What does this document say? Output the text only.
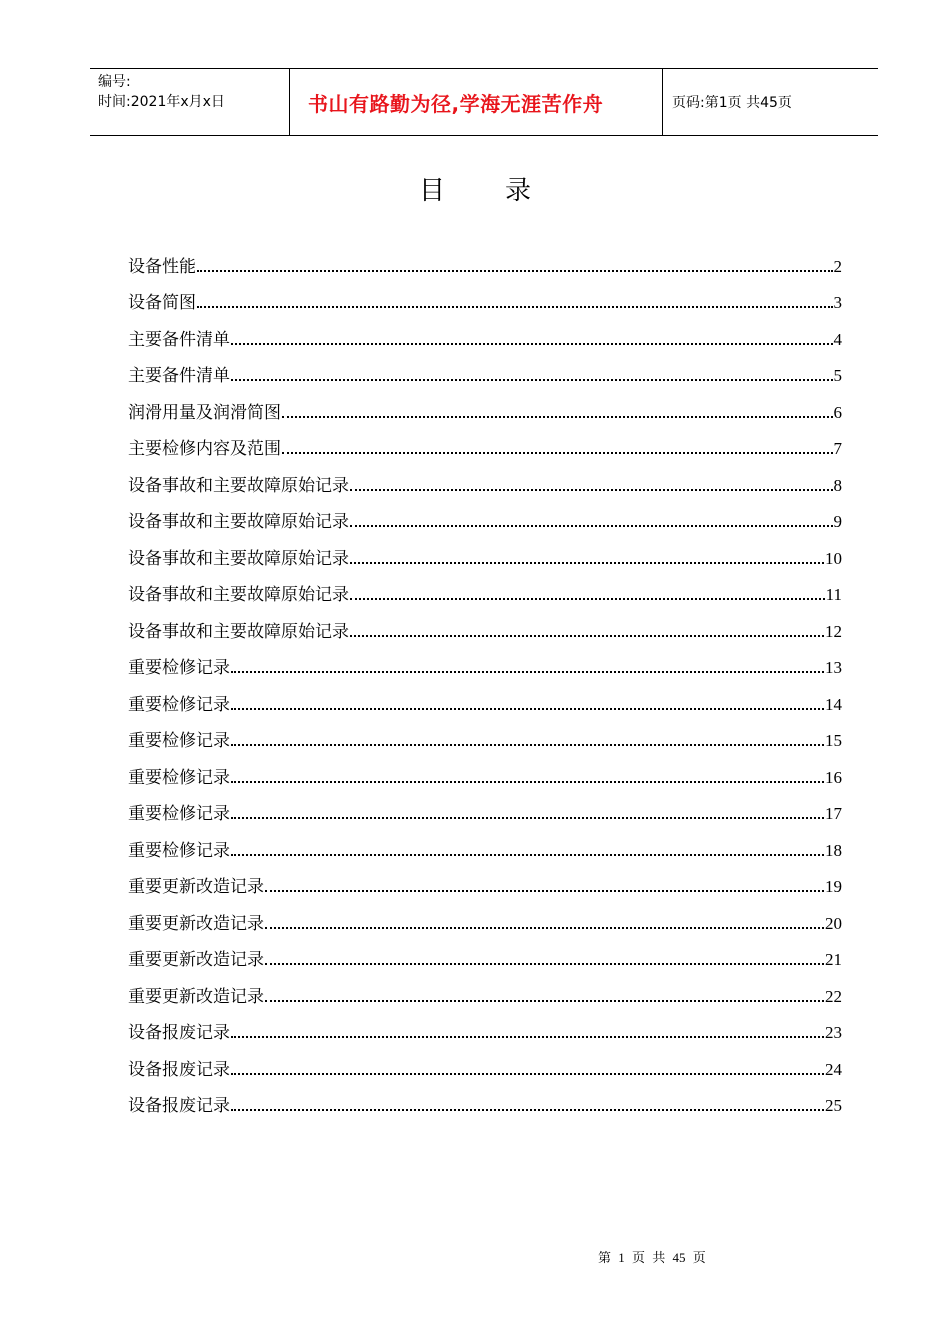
编号:
时间:2021年x月x日	书山有路勤为径,学海无涯苦作舟	页码:第1页 共45页
目录
设备性能	2
设备简图	3
主要备件清单	4
主要备件清单	5
润滑用量及润滑简图	6
主要检修内容及范围	7
设备事故和主要故障原始记录	8
设备事故和主要故障原始记录	9
设备事故和主要故障原始记录	10
设备事故和主要故障原始记录	11
设备事故和主要故障原始记录	12
重要检修记录	13
重要检修记录	14
重要检修记录	15
重要检修记录	16
重要检修记录	17
重要检修记录	18
重要更新改造记录	19
重要更新改造记录	20
重要更新改造记录	21
重要更新改造记录	22
设备报废记录	23
设备报废记录	24
设备报废记录	25
第 1 页 共 45 页
